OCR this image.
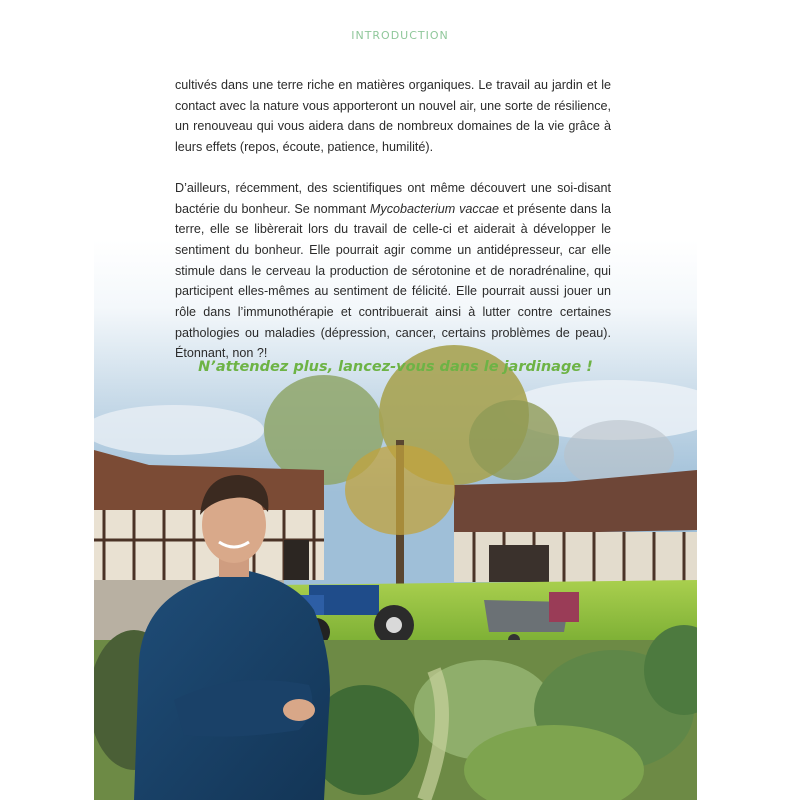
INTRODUCTION

cultivés dans une terre riche en matières organiques. Le travail au jardin et le contact avec la nature vous apporteront un nouvel air, une sorte de résilience, un renouveau qui vous aidera dans de nombreux domaines de la vie grâce à leurs effets (repos, écoute, patience, humilité).

D’ailleurs, récemment, des scientifiques ont même découvert une soi-disant bactérie du bonheur. Se nommant Mycobacterium vaccae et présente dans la terre, elle se libèrerait lors du travail de celle-ci et aiderait à développer le sentiment du bonheur. Elle pourrait agir comme un antidépresseur, car elle stimule dans le cerveau la production de sérotonine et de noradrénaline, qui participent elles-mêmes au sentiment de félicité. Elle pourrait aussi jouer un rôle dans l’immunothérapie et contribuerait ainsi à lutter contre certaines pathologies ou maladies (dépression, cancer, certains problèmes de peau). Étonnant, non ?!

N’attendez plus, lancez-vous dans le jardinage !
